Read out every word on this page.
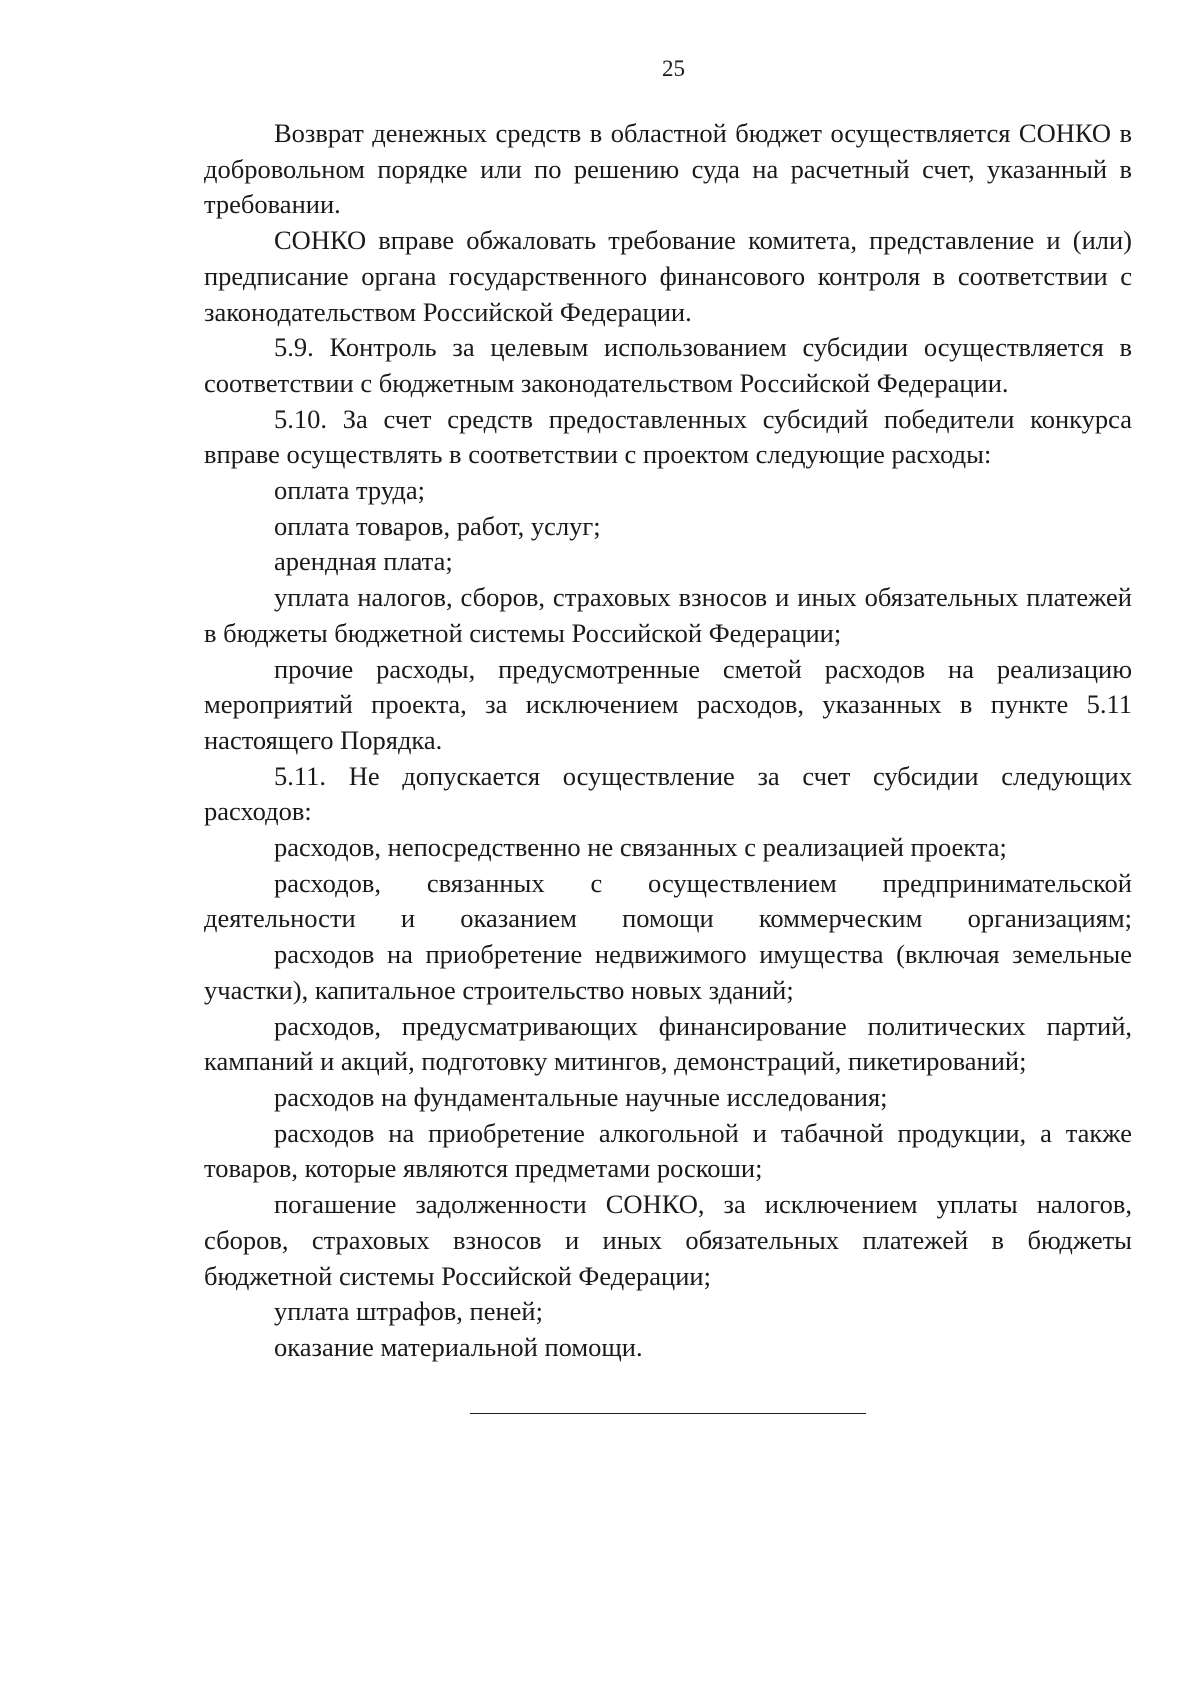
25

Возврат денежных средств в областной бюджет осуществляется СОНКО в добровольном порядке или по решению суда на расчетный счет, указанный в требовании.

СОНКО вправе обжаловать требование комитета, представление и (или) предписание органа государственного финансового контроля в соответствии с законодательством Российской Федерации.

5.9. Контроль за целевым использованием субсидии осуществляется в соответствии с бюджетным законодательством Российской Федерации.

5.10. За счет средств предоставленных субсидий победители конкурса вправе осуществлять в соответствии с проектом следующие расходы:

оплата труда;

оплата товаров, работ, услуг;

арендная плата;

уплата налогов, сборов, страховых взносов и иных обязательных платежей в бюджеты бюджетной системы Российской Федерации;

прочие расходы, предусмотренные сметой расходов на реализацию мероприятий проекта, за исключением расходов, указанных в пункте 5.11 настоящего Порядка.

5.11. Не допускается осуществление за счет субсидии следующих расходов:

расходов, непосредственно не связанных с реализацией проекта;

расходов, связанных с осуществлением предпринимательской деятельности и оказанием помощи коммерческим организациям;

расходов на приобретение недвижимого имущества (включая земельные участки), капитальное строительство новых зданий;

расходов, предусматривающих финансирование политических партий, кампаний и акций, подготовку митингов, демонстраций, пикетирований;

расходов на фундаментальные научные исследования;

расходов на приобретение алкогольной и табачной продукции, а также товаров, которые являются предметами роскоши;

погашение задолженности СОНКО, за исключением уплаты налогов, сборов, страховых взносов и иных обязательных платежей в бюджеты бюджетной системы Российской Федерации;

уплата штрафов, пеней;

оказание материальной помощи.
